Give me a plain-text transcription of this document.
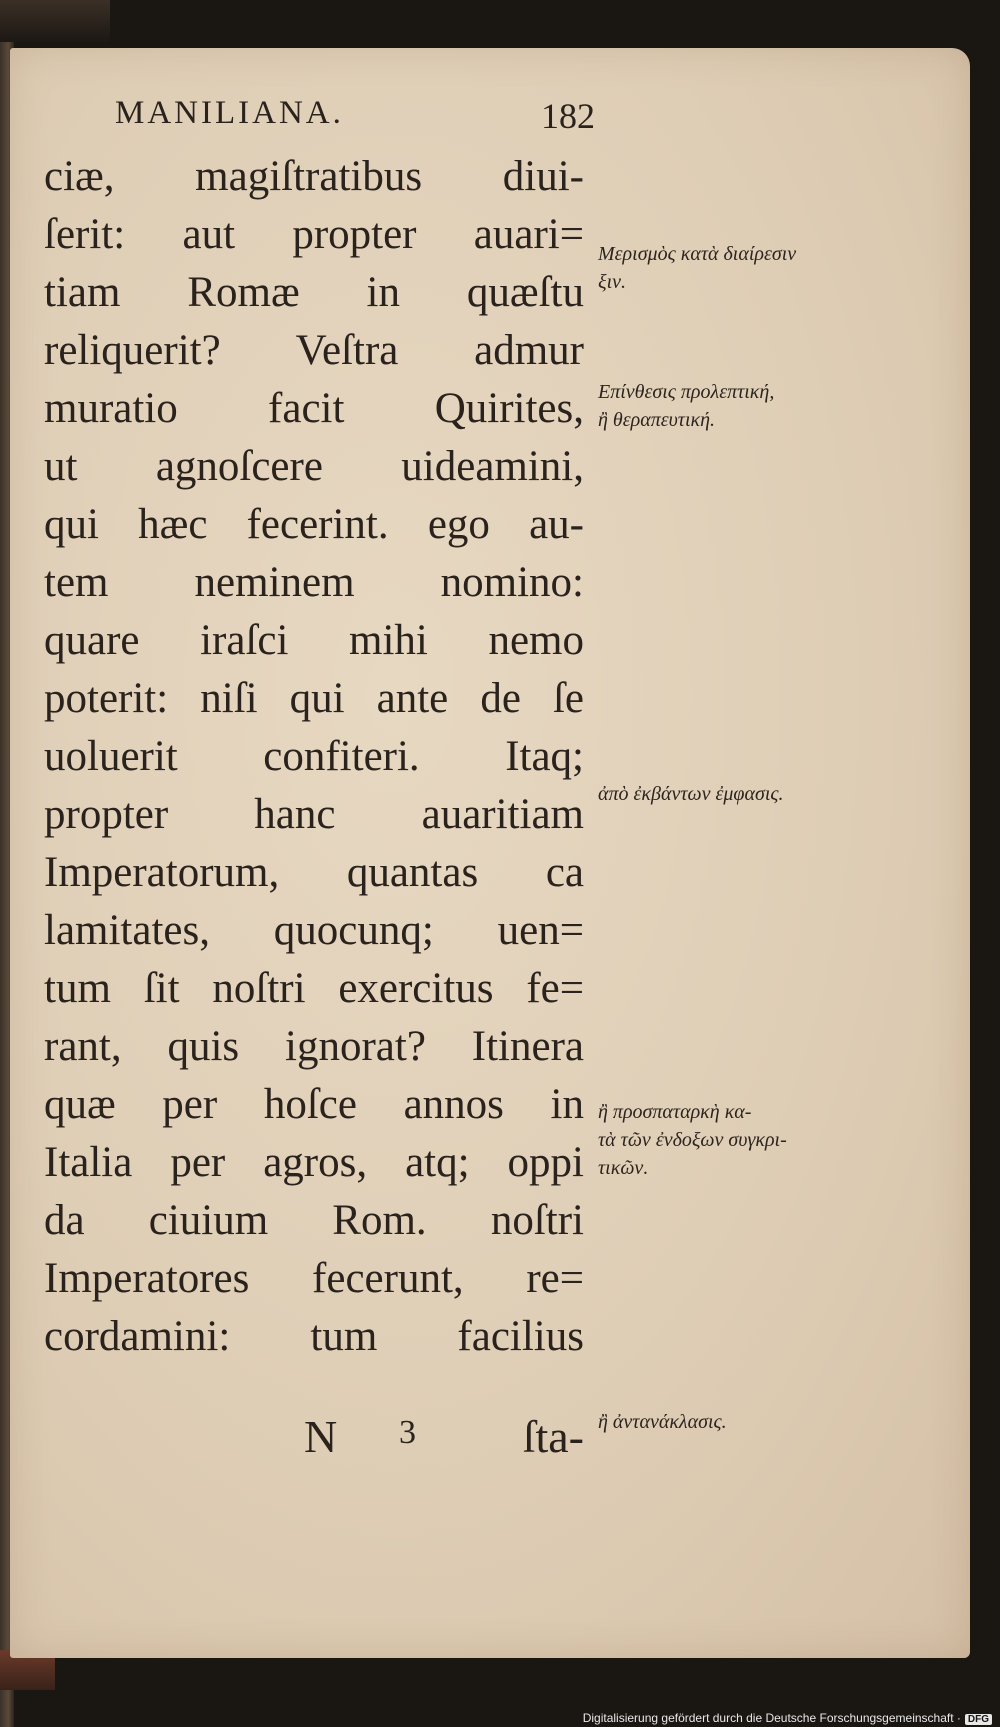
MANILIANA.	182
ciæ, magiſtratibus diui-
ſerit: aut propter auari=
tiam Romæ in quæſtu
reliquerit? Veſtra admur
muratio facit Quirites,
ut agnoſcere uideamini,
qui hæc fecerint. ego au-
tem neminem nomino:
quare iraſci mihi nemo
poterit: niſi qui ante de ſe
uoluerit confiteri. Itaq;
propter hanc auaritiam
Imperatorum, quantas ca
lamitates, quocunq; uen=
tum ſit noſtri exercitus fe=
rant, quis ignorat? Itinera
quæ per hoſce annos in
Italia per agros, atq; oppi
da ciuium Rom. noſtri
Imperatores fecerunt, re=
cordamini: tum facilius
N 3 ſta-
Μερισμὸς κατὰ διαίρεσιν
ξιν.
Επίνθεσις πρoλεπτική,
ἢ θεραπευτική.
ἀπὸ ἐκβάντων ἐμφασις.
ἢ προσπαταρκὴ κα-
τὰ τῶν ἐνδοξων συγκρι-
τικῶν.
ἢ ἀντανάκλασις.
Digitalisierung gefördert durch die Deutsche Forschungsgemeinschaft · DFG
